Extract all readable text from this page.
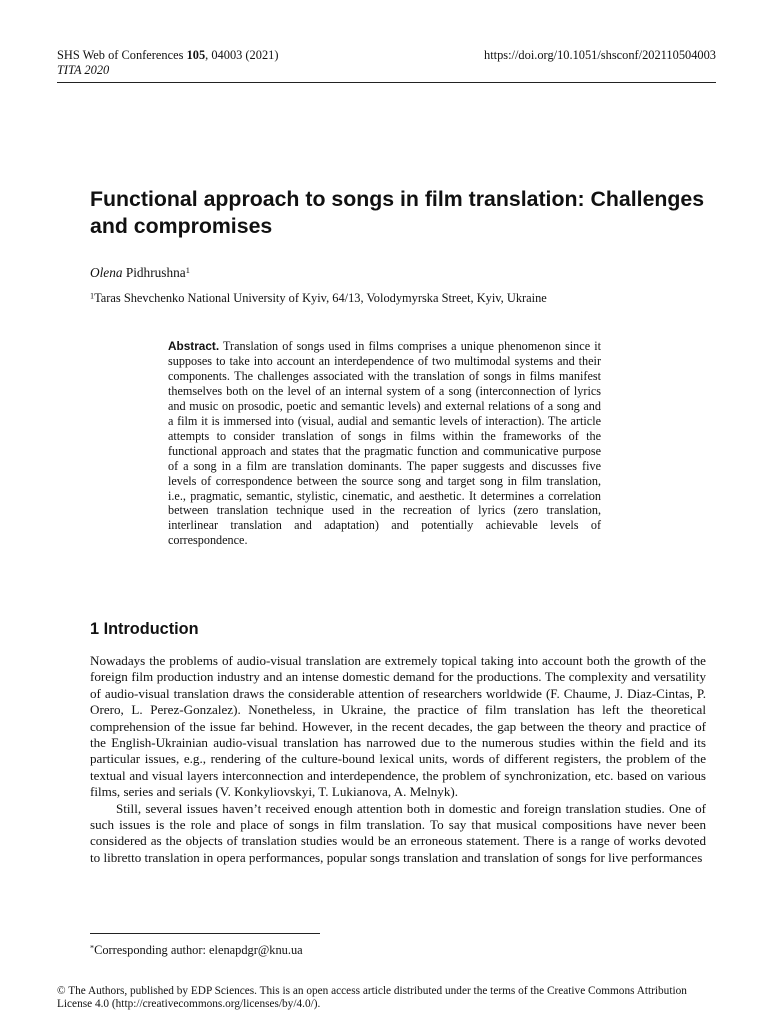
SHS Web of Conferences 105, 04003 (2021)
TITA 2020
https://doi.org/10.1051/shsconf/202110504003
Functional approach to songs in film translation: Challenges and compromises
Olena Pidhrushna$^1$
$^1$Taras Shevchenko National University of Kyiv, 64/13, Volodymyrska Street, Kyiv, Ukraine

Abstract. Translation of songs used in films comprises a unique phenomenon since it supposes to take into account an interdependence of two multimodal systems and their components. The challenges associated with the translation of songs in films manifest themselves both on the level of an internal system of a song (interconnection of lyrics and music on prosodic, poetic and semantic levels) and external relations of a song and a film it is immersed into (visual, audial and semantic levels of interaction). The article attempts to consider translation of songs in films within the frameworks of the functional approach and states that the pragmatic function and communicative purpose of a song in a film are translation dominants. The paper suggests and discusses five levels of correspondence between the source song and target song in film translation, i.e., pragmatic, semantic, stylistic, cinematic, and aesthetic. It determines a correlation between translation technique used in the recreation of lyrics (zero translation, interlinear translation and adaptation) and potentially achievable levels of correspondence.

1 Introduction

Nowadays the problems of audio-visual translation are extremely topical taking into account both the growth of the foreign film production industry and an intense domestic demand for the productions. The complexity and versatility of audio-visual translation draws the considerable attention of researchers worldwide (F. Chaume, J. Diaz-Cintas, P. Orero, L. Perez-Gonzalez). Nonetheless, in Ukraine, the practice of film translation has left the theoretical comprehension of the issue far behind. However, in the recent decades, the gap between the theory and practice of the English-Ukrainian audio-visual translation has narrowed due to the numerous studies within the field and its particular issues, e.g., rendering of the culture-bound lexical units, words of different registers, the problem of the textual and visual layers interconnection and interdependence, the problem of synchronization, etc. based on various films, series and serials (V. Konkyliovskyi, T. Lukianova, A. Melnyk).

Still, several issues haven’t received enough attention both in domestic and foreign translation studies. One of such issues is the role and place of songs in film translation. To say that musical compositions have never been considered as the objects of translation studies would be an erroneous statement. There is a range of works devoted to libretto translation in opera performances, popular songs translation and translation of songs for live performances

*Corresponding author: elenapdgr@knu.ua

© The Authors, published by EDP Sciences. This is an open access article distributed under the terms of the Creative Commons Attribution License 4.0 (http://creativecommons.org/licenses/by/4.0/).
